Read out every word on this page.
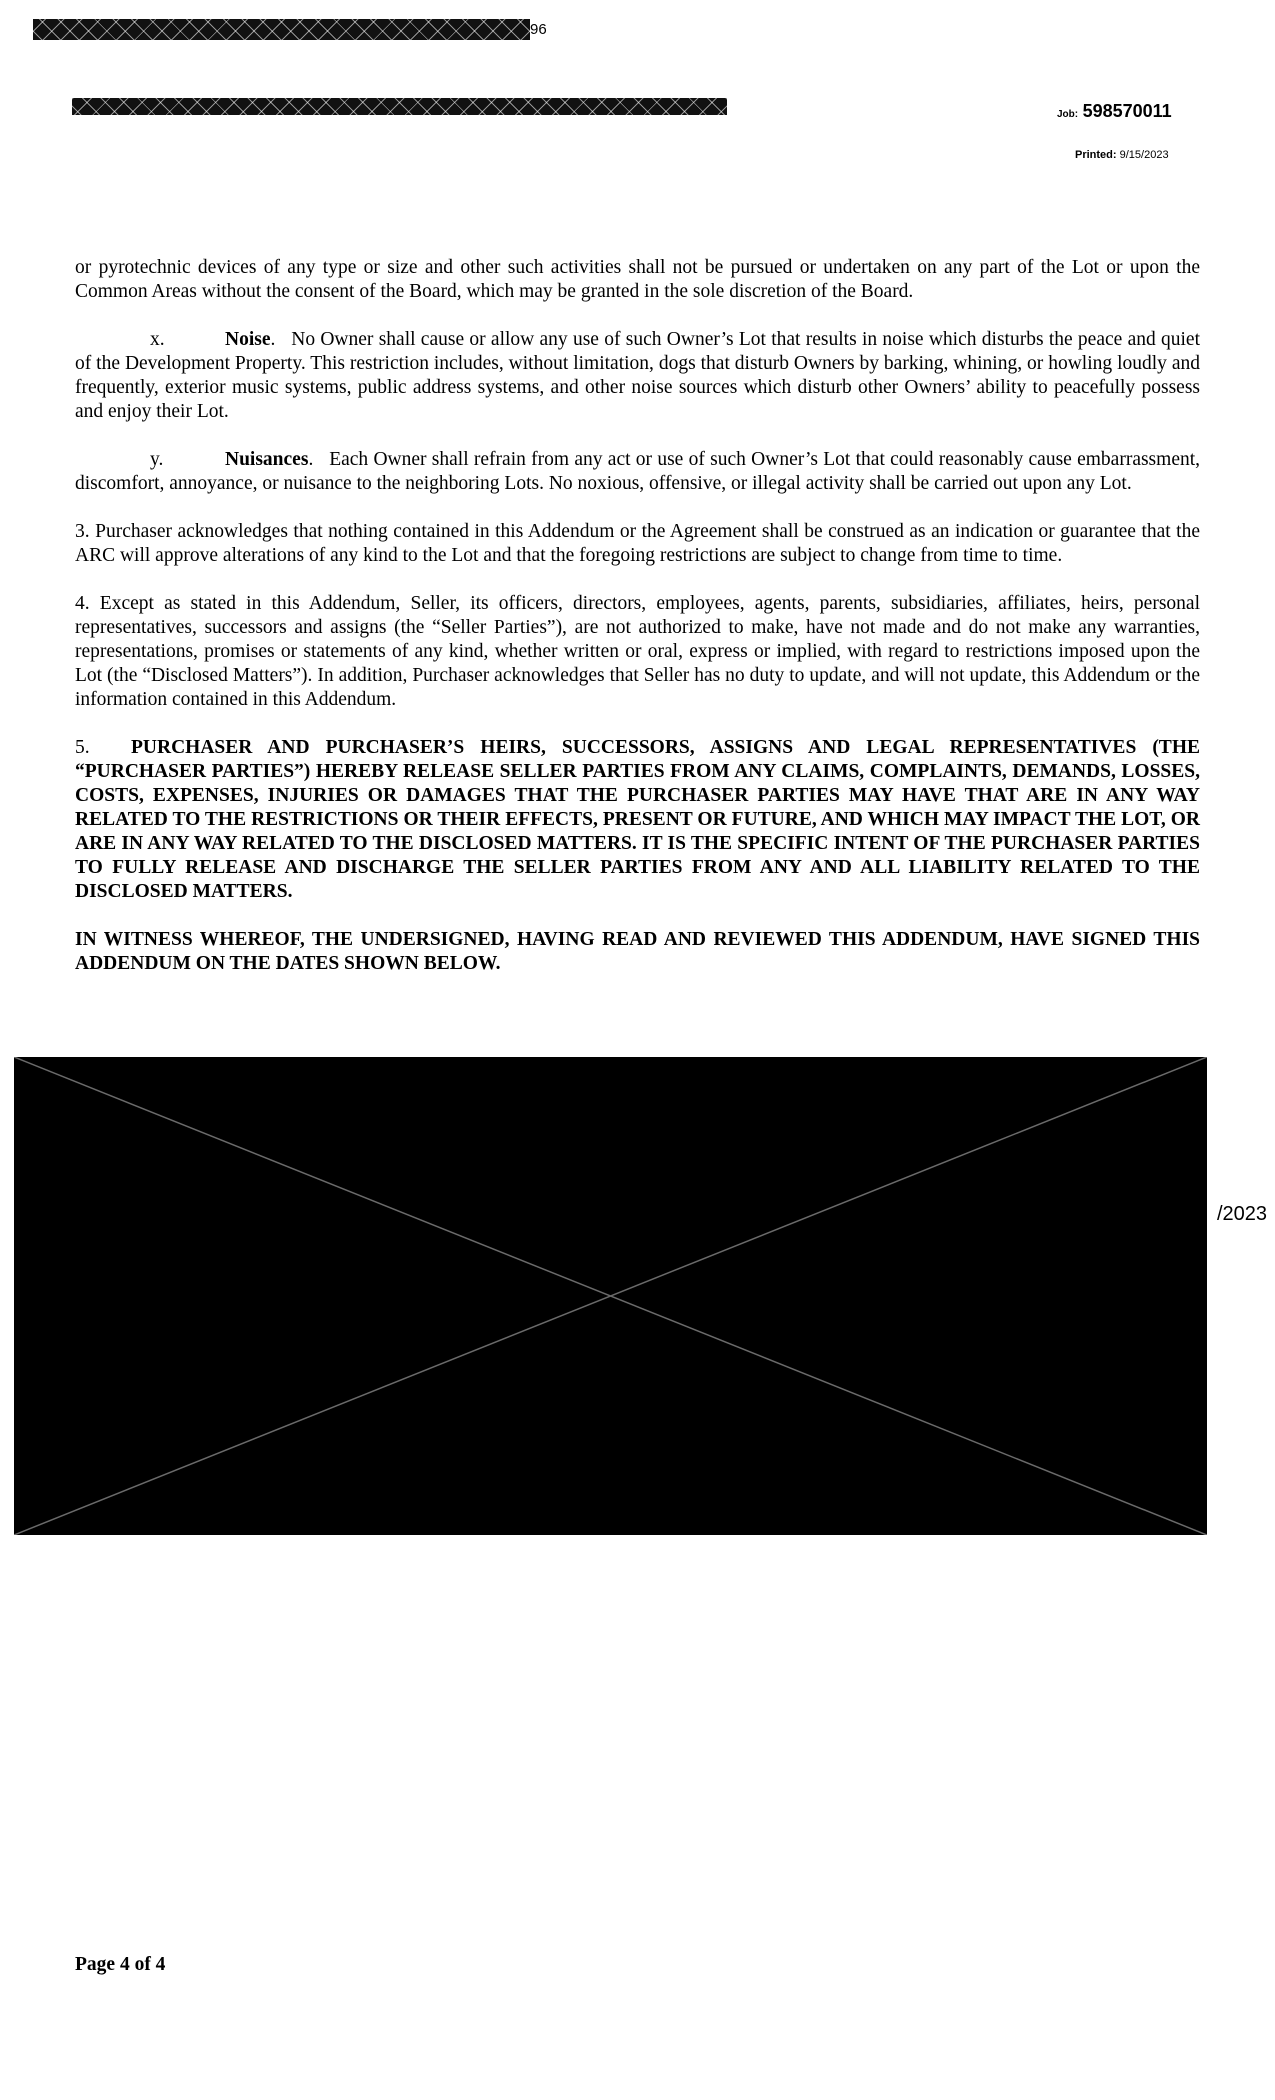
96
Job: 598570011
Printed: 9/15/2023

or pyrotechnic devices of any type or size and other such activities shall not be pursued or undertaken on any part of the Lot or upon the Common Areas without the consent of the Board, which may be granted in the sole discretion of the Board.

x.	Noise.   No Owner shall cause or allow any use of such Owner’s Lot that results in noise which disturbs the peace and quiet of the Development Property. This restriction includes, without limitation, dogs that disturb Owners by barking, whining, or howling loudly and frequently, exterior music systems, public address systems, and other noise sources which disturb other Owners’ ability to peacefully possess and enjoy their Lot.

y.	Nuisances.   Each Owner shall refrain from any act or use of such Owner’s Lot that could reasonably cause embarrassment, discomfort, annoyance, or nuisance to the neighboring Lots. No noxious, offensive, or illegal activity shall be carried out upon any Lot.

3. Purchaser acknowledges that nothing contained in this Addendum or the Agreement shall be construed as an indication or guarantee that the ARC will approve alterations of any kind to the Lot and that the foregoing restrictions are subject to change from time to time.

4. Except as stated in this Addendum, Seller, its officers, directors, employees, agents, parents, subsidiaries, affiliates, heirs, personal representatives, successors and assigns (the “Seller Parties”), are not authorized to make, have not made and do not make any warranties, representations, promises or statements of any kind, whether written or oral, express or implied, with regard to restrictions imposed upon the Lot (the “Disclosed Matters”). In addition, Purchaser acknowledges that Seller has no duty to update, and will not update, this Addendum or the information contained in this Addendum.

5. PURCHASER AND PURCHASER’S HEIRS, SUCCESSORS, ASSIGNS AND LEGAL REPRESENTATIVES (THE “PURCHASER PARTIES”) HEREBY RELEASE SELLER PARTIES FROM ANY CLAIMS, COMPLAINTS, DEMANDS, LOSSES, COSTS, EXPENSES, INJURIES OR DAMAGES THAT THE PURCHASER PARTIES MAY HAVE THAT ARE IN ANY WAY RELATED TO THE RESTRICTIONS OR THEIR EFFECTS, PRESENT OR FUTURE, AND WHICH MAY IMPACT THE LOT, OR ARE IN ANY WAY RELATED TO THE DISCLOSED MATTERS. IT IS THE SPECIFIC INTENT OF THE PURCHASER PARTIES TO FULLY RELEASE AND DISCHARGE THE SELLER PARTIES FROM ANY AND ALL LIABILITY RELATED TO THE DISCLOSED MATTERS.

IN WITNESS WHEREOF, THE UNDERSIGNED, HAVING READ AND REVIEWED THIS ADDENDUM, HAVE SIGNED THIS ADDENDUM ON THE DATES SHOWN BELOW.

/2023
Page 4 of 4
